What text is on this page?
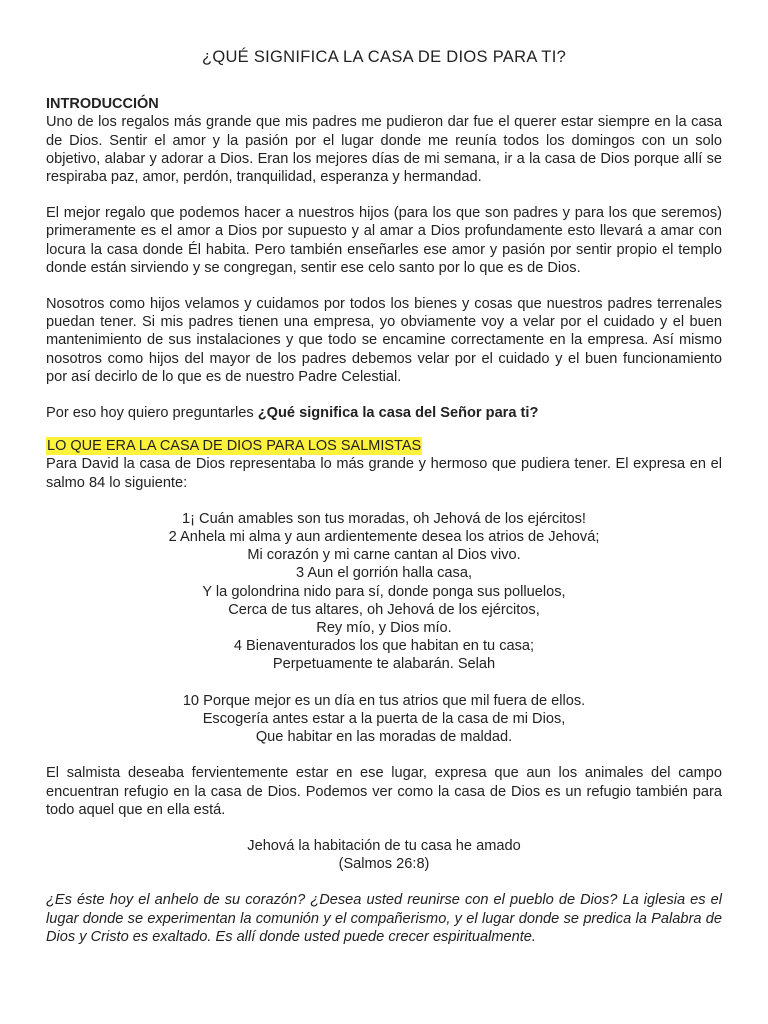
¿QUÉ SIGNIFICA LA CASA DE DIOS PARA TI?
INTRODUCCIÓN

Uno de los regalos más grande que mis padres me pudieron dar fue el querer estar siempre en la casa de Dios. Sentir el amor y la pasión por el lugar donde me reunía todos los domingos con un solo objetivo, alabar y adorar a Dios. Eran los mejores días de mi semana, ir a la casa de Dios porque allí se respiraba paz, amor, perdón, tranquilidad, esperanza y hermandad.

El mejor regalo que podemos hacer a nuestros hijos (para los que son padres y para los que seremos) primeramente es el amor a Dios por supuesto y al amar a Dios profundamente esto llevará a amar con locura la casa donde Él habita. Pero también enseñarles ese amor y pasión por sentir propio el templo donde están sirviendo y se congregan, sentir ese celo santo por lo que es de Dios.

Nosotros como hijos velamos y cuidamos por todos los bienes y cosas que nuestros padres terrenales puedan tener. Si mis padres tienen una empresa, yo obviamente voy a velar por el cuidado y el buen mantenimiento de sus instalaciones y que todo se encamine correctamente en la empresa. Así mismo nosotros como hijos del mayor de los padres debemos velar por el cuidado y el buen funcionamiento por así decirlo de lo que es de nuestro Padre Celestial.

Por eso hoy quiero preguntarles ¿Qué significa la casa del Señor para ti?

LO QUE ERA LA CASA DE DIOS PARA LOS SALMISTAS

Para David la casa de Dios representaba lo más grande y hermoso que pudiera tener. El expresa en el salmo 84 lo siguiente:

1¡ Cuán amables son tus moradas, oh Jehová de los ejércitos!
2 Anhela mi alma y aun ardientemente desea los atrios de Jehová;
Mi corazón y mi carne cantan al Dios vivo.
3 Aun el gorrión halla casa,
Y la golondrina nido para sí, donde ponga sus polluelos,
Cerca de tus altares, oh Jehová de los ejércitos,
Rey mío, y Dios mío.
4 Bienaventurados los que habitan en tu casa;
Perpetuamente te alabarán. Selah
10 Porque mejor es un día en tus atrios que mil fuera de ellos.
Escogería antes estar a la puerta de la casa de mi Dios,
Que habitar en las moradas de maldad.

El salmista deseaba fervientemente estar en ese lugar, expresa que aun los animales del campo encuentran refugio en la casa de Dios. Podemos ver como la casa de Dios es un refugio también para todo aquel que en ella está.

Jehová la habitación de tu casa he amado
(Salmos 26:8)

¿Es éste hoy el anhelo de su corazón? ¿Desea usted reunirse con el pueblo de Dios? La iglesia es el lugar donde se experimentan la comunión y el compañerismo, y el lugar donde se predica la Palabra de Dios y Cristo es exaltado. Es allí donde usted puede crecer espiritualmente.
